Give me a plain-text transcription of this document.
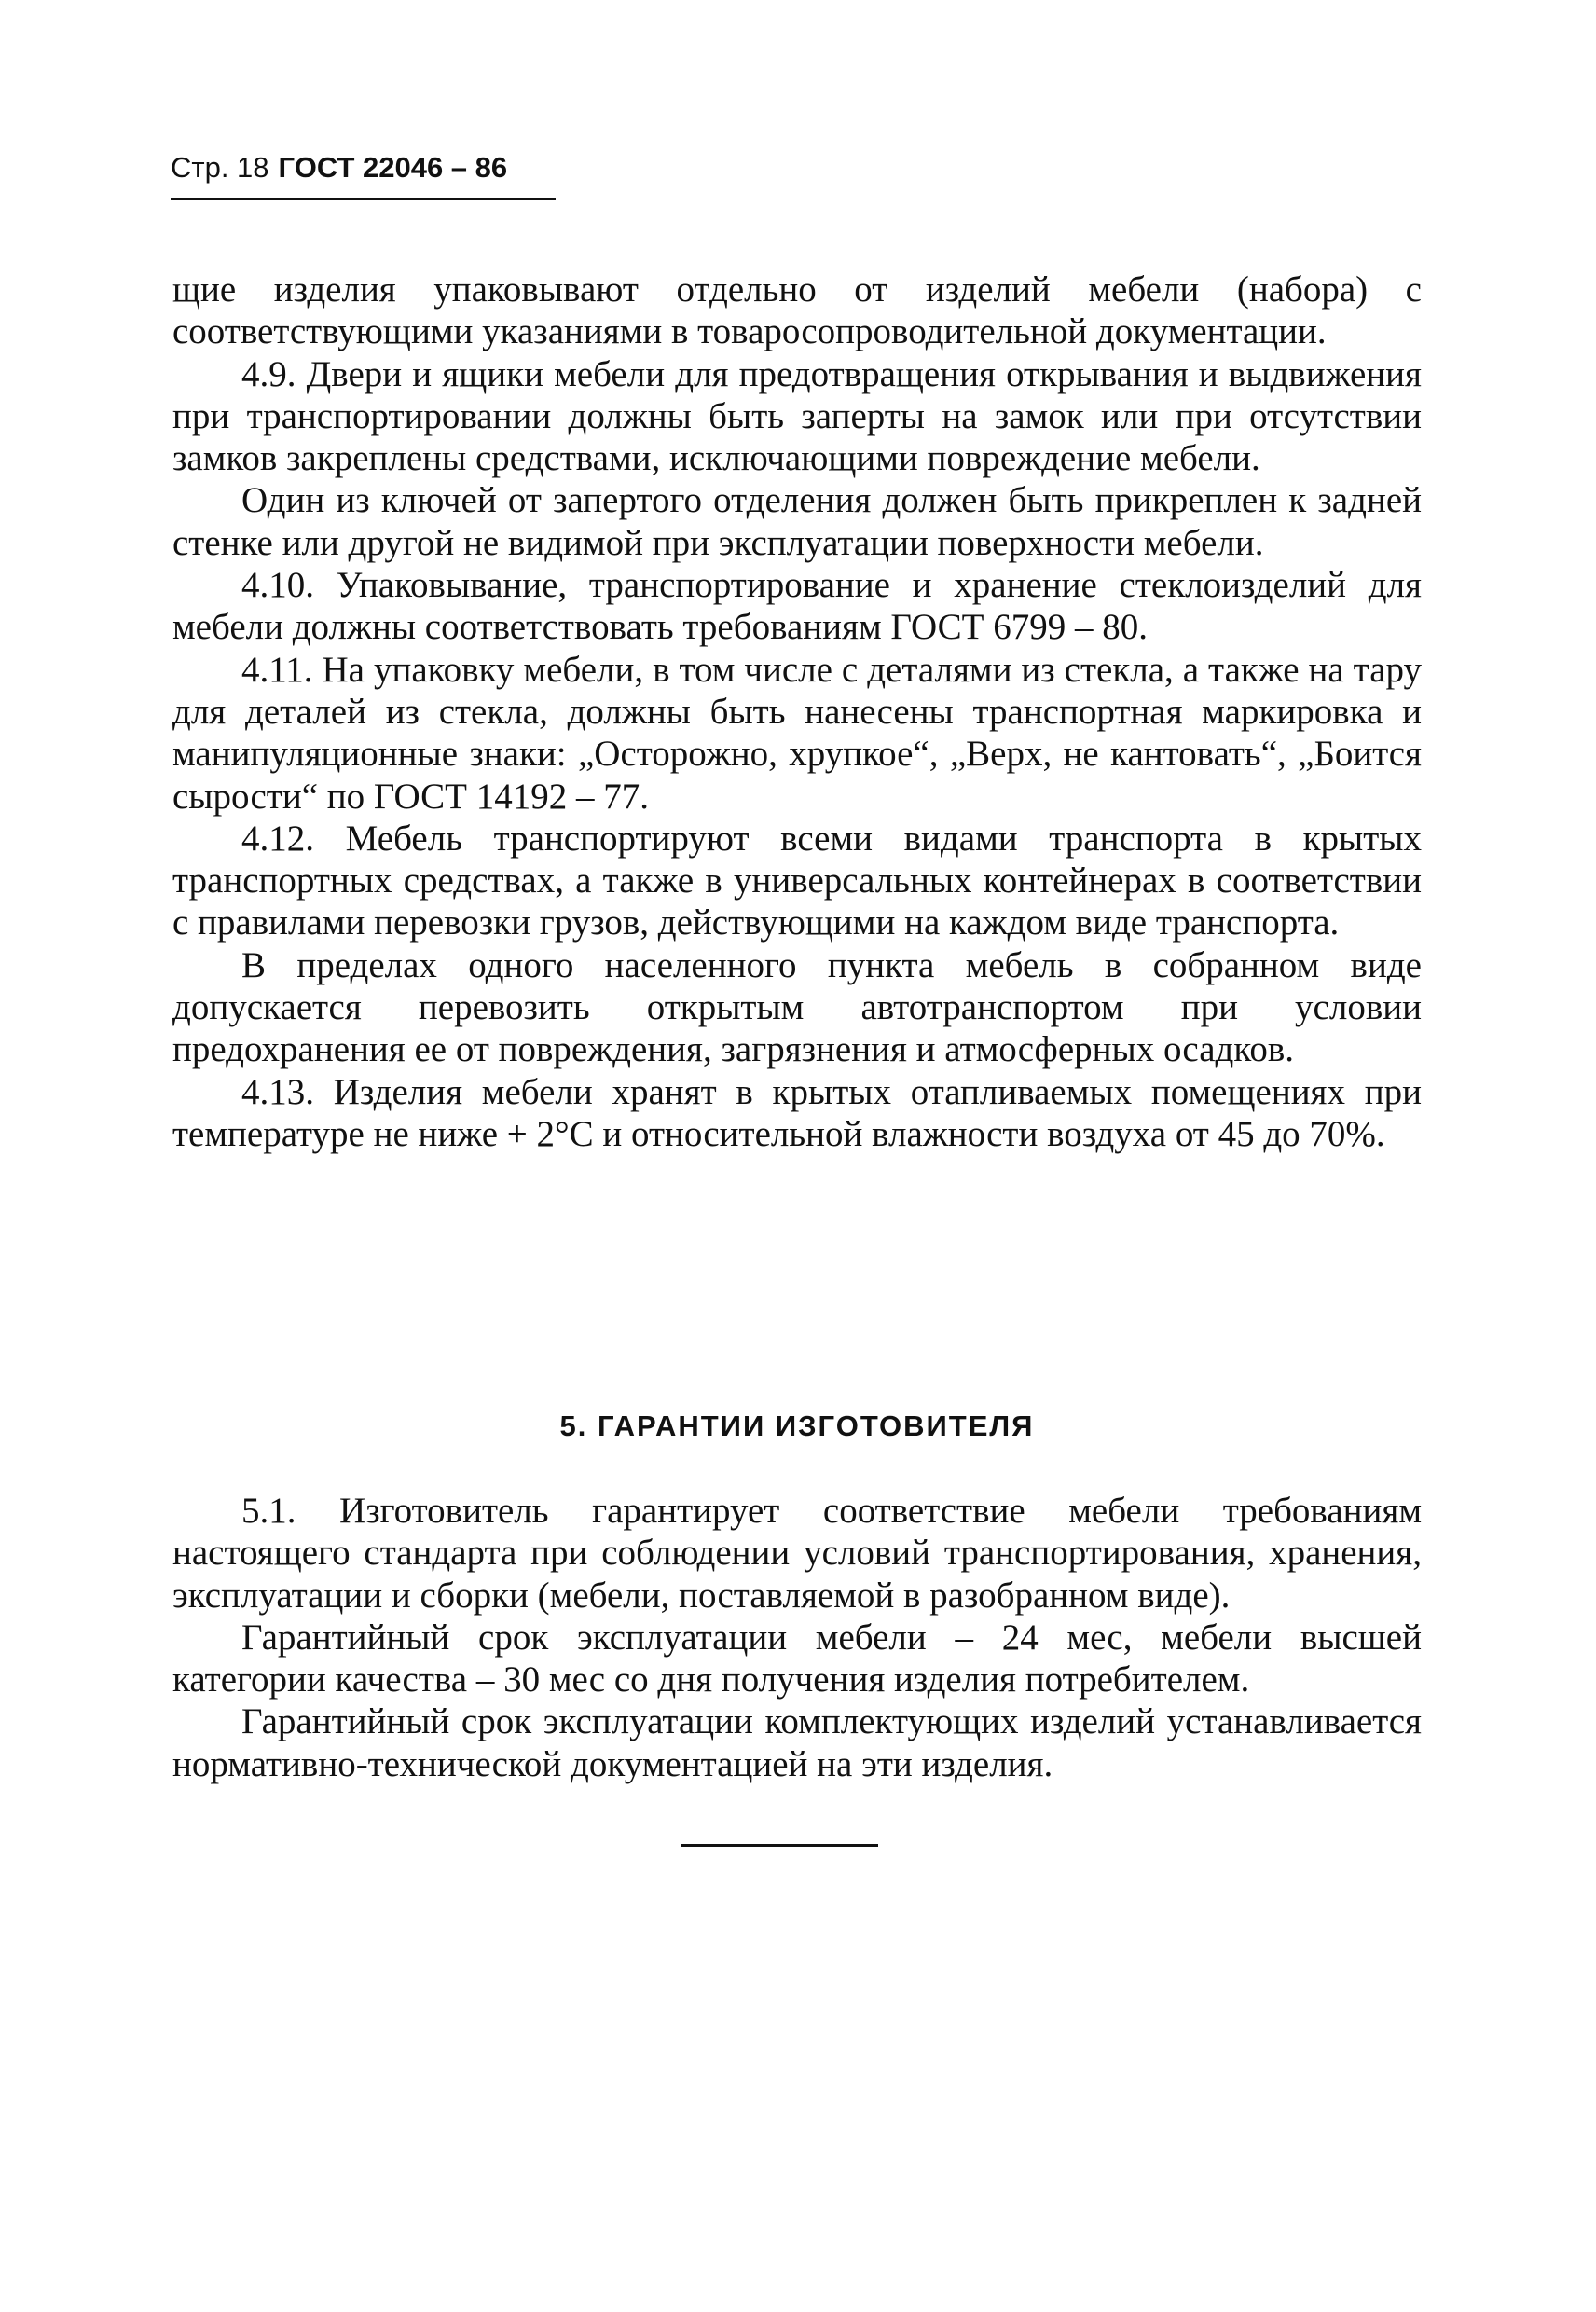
Стр. 18 ГОСТ 22046 – 86

щие изделия упаковывают отдельно от изделий мебели (набора) с соответствующими указаниями в товаросопроводительной документации.

4.9. Двери и ящики мебели для предотвращения открывания и выдвижения при транспортировании должны быть заперты на замок или при отсутствии замков закреплены средствами, исключающими повреждение мебели.

Один из ключей от запертого отделения должен быть прикреплен к задней стенке или другой не видимой при эксплуатации поверхности мебели.

4.10. Упаковывание, транспортирование и хранение стеклоизделий для мебели должны соответствовать требованиям ГОСТ 6799 – 80.

4.11. На упаковку мебели, в том числе с деталями из стекла, а также на тару для деталей из стекла, должны быть нанесены транспортная маркировка и манипуляционные знаки: „Осторожно, хрупкое“, „Верх, не кантовать“, „Боится сырости“ по ГОСТ 14192 – 77.

4.12. Мебель транспортируют всеми видами транспорта в крытых транспортных средствах, а также в универсальных контейнерах в соответствии с правилами перевозки грузов, действующими на каждом виде транспорта.

В пределах одного населенного пункта мебель в собранном виде допускается перевозить открытым автотранспортом при условии предохранения ее от повреждения, загрязнения и атмосферных осадков.

4.13. Изделия мебели хранят в крытых отапливаемых помещениях при температуре не ниже + 2°С и относительной влажности воздуха от 45 до 70%.

5. ГАРАНТИИ ИЗГОТОВИТЕЛЯ

5.1. Изготовитель гарантирует соответствие мебели требованиям настоящего стандарта при соблюдении условий транспортирования, хранения, эксплуатации и сборки (мебели, поставляемой в разобранном виде).

Гарантийный срок эксплуатации мебели – 24 мес, мебели высшей категории качества – 30 мес со дня получения изделия потребителем.

Гарантийный срок эксплуатации комплектующих изделий устанавливается нормативно-технической документацией на эти изделия.
